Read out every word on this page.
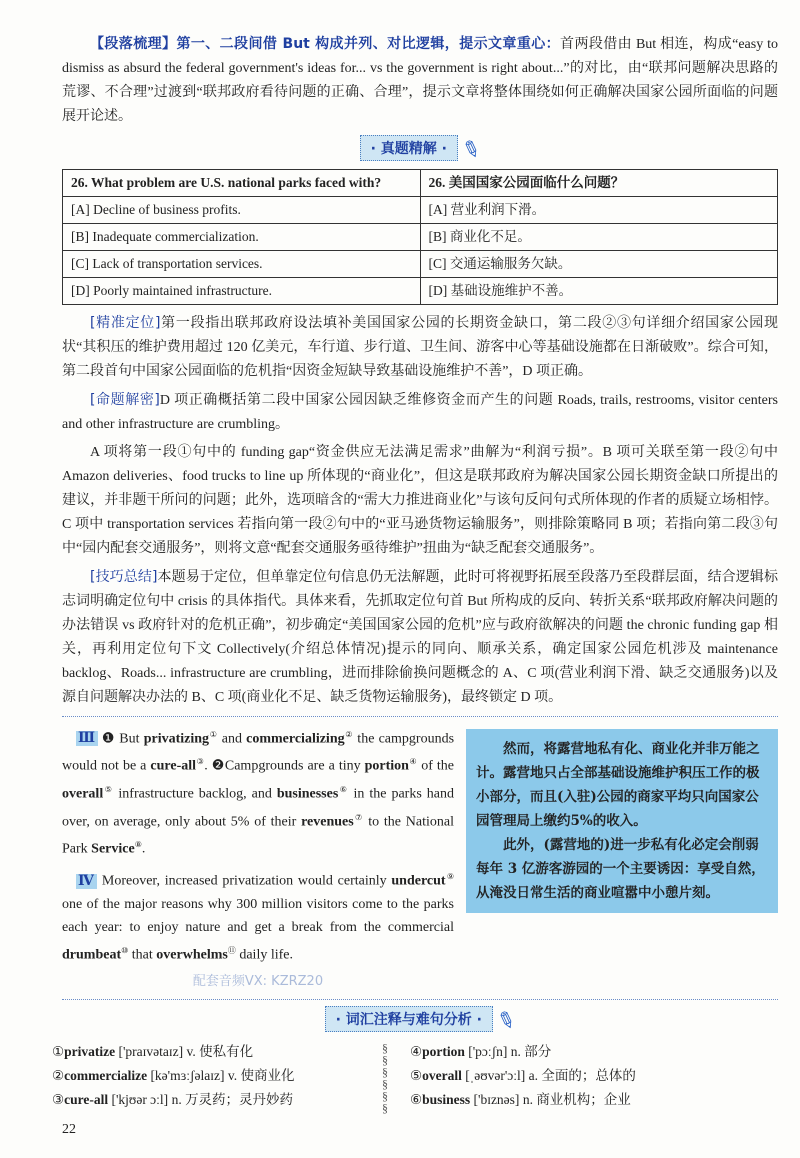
【段落梳理】第一、二段间借 But 构成并列、对比逻辑，提示文章重心：首两段借由 But 相连，构成“easy to dismiss as absurd the federal government's ideas for... vs the government is right about...”的对比，由“联邦问题解决思路的荒谬、不合理”过渡到“联邦政府看待问题的正确、合理”，提示文章将整体围绕如何正确解决国家公园所面临的问题展开论述。

· 真题精解 · ✎
26. What problem are U.S. national parks faced with?	26. 美国国家公园面临什么问题？
[A] Decline of business profits.	[A] 营业利润下滑。
[B] Inadequate commercialization.	[B] 商业化不足。
[C] Lack of transportation services.	[C] 交通运输服务欠缺。
[D] Poorly maintained infrastructure.	[D] 基础设施维护不善。

[精准定位]第一段指出联邦政府设法填补美国国家公园的长期资金缺口，第二段②③句详细介绍国家公园现状“其积压的维护费用超过 120 亿美元，车行道、步行道、卫生间、游客中心等基础设施都在日渐破败”。综合可知，第二段首句中国家公园面临的危机指“因资金短缺导致基础设施维护不善”，D 项正确。

[命题解密]D 项正确概括第二段中国家公园因缺乏维修资金而产生的问题 Roads, trails, restrooms, visitor centers and other infrastructure are crumbling。

A 项将第一段①句中的 funding gap“资金供应无法满足需求”曲解为“利润亏损”。B 项可关联至第一段②句中 Amazon deliveries、food trucks to line up 所体现的“商业化”，但这是联邦政府为解决国家公园长期资金缺口所提出的建议，并非题干所问的问题；此外，选项暗含的“需大力推进商业化”与该句反问句式所体现的作者的质疑立场相悖。C 项中 transportation services 若指向第一段②句中的“亚马逊货物运输服务”，则排除策略同 B 项；若指向第二段③句中“园内配套交通服务”，则将文意“配套交通服务亟待维护”扭曲为“缺乏配套交通服务”。

[技巧总结]本题易于定位，但单靠定位句信息仍无法解题，此时可将视野拓展至段落乃至段群层面，结合逻辑标志词明确定位句中 crisis 的具体指代。具体来看，先抓取定位句首 But 所构成的反向、转折关系“联邦政府解决问题的办法错误 vs 政府针对的危机正确”，初步确定“美国国家公园的危机”应与政府欲解决的问题 the chronic funding gap 相关，再利用定位句下文 Collectively(介绍总体情况)提示的同向、顺承关系，确定国家公园危机涉及 maintenance backlog、Roads... infrastructure are crumbling，进而排除偷换问题概念的 A、C 项(营业利润下滑、缺乏交通服务)以及源自问题解决办法的 B、C 项(商业化不足、缺乏货物运输服务)，最终锁定 D 项。

Ⅲ ❶ But privatizing① and commercializing② the campgrounds would not be a cure-all③. ❷Campgrounds are a tiny portion④ of the overall⑤ infrastructure backlog, and businesses⑥ in the parks hand over, on average, only about 5% of their revenues⑦ to the National Park Service⑧.

Ⅳ Moreover, increased privatization would certainly undercut⑨ one of the major reasons why 300 million visitors come to the parks each year: to enjoy nature and get a break from the commercial drumbeat⑩ that overwhelms⑪ daily life.

配套音频VX: KZRZ20

然而，将露营地私有化、商业化并非万能之计。露营地只占全部基础设施维护积压工作的极小部分，而且(入驻)公园的商家平均只向国家公园管理局上缴约5%的收入。

此外，(露营地的)进一步私有化必定会削弱每年 3 亿游客游园的一个主要诱因：享受自然，从淹没日常生活的商业喧嚣中小憩片刻。

· 词汇注释与难句分析 · ✎
①privatize ['praɪvətaɪz] v. 使私有化
②commercialize [kə'mɜːʃəlaɪz] v. 使商业化
③cure-all ['kjʊər ɔːl] n. 万灵药；灵丹妙药
§
§
§
§
§
§
④portion ['pɔːʃn] n. 部分
⑤overall [ˌəʊvər'ɔːl] a. 全面的；总体的
⑥business ['bɪznəs] n. 商业机构；企业
22
